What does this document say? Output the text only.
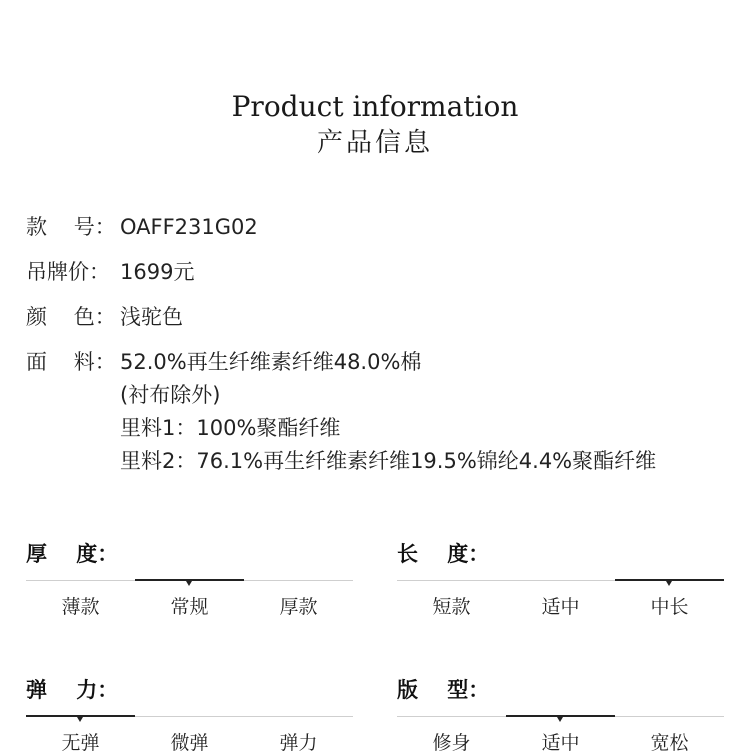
Product information
产品信息
款    号： OAFF231G02
吊牌价： 1699元
颜    色： 浅驼色
面    料： 52.0%再生纤维素纤维48.0%棉
(衬布除外)
里料1：100%聚酯纤维
里料2：76.1%再生纤维素纤维19.5%锦纶4.4%聚酯纤维
厚    度：
薄款	常规	厚款
长    度：
短款	适中	中长
弹    力：
无弹	微弹	弹力
版    型：
修身	适中	宽松
